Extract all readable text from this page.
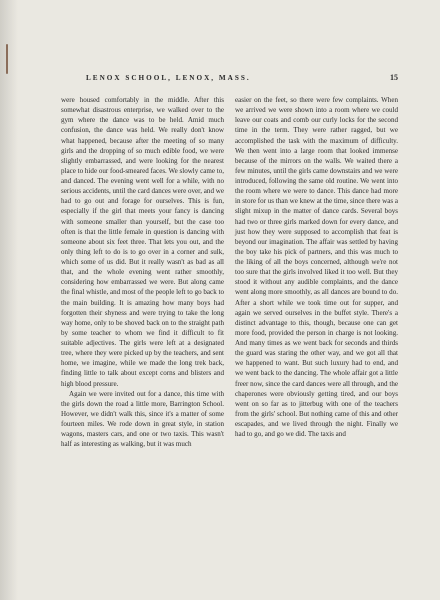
LENOX SCHOOL, LENOX, MASS.	15

were housed comfortably in the middle. After this somewhat disastrous enterprise, we walked over to the gym where the dance was to be held. Amid much confusion, the dance was held. We really don't know what happened, because after the meeting of so many girls and the dropping of so much edible food, we were slightly embarrassed, and were looking for the nearest place to hide our food-smeared faces. We slowly came to, and danced. The evening went well for a while, with no serious accidents, until the card dances were over, and we had to go out and forage for ourselves. This is fun, especially if the girl that meets your fancy is dancing with someone smaller than yourself, but the case too often is that the little female in question is dancing with someone about six feet three. That lets you out, and the only thing left to do is to go over in a corner and sulk, which some of us did. But it really wasn't as bad as all that, and the whole evening went rather smoothly, considering how embarrassed we were. But along came the final whistle, and most of the people left to go back to the main building. It is amazing how many boys had forgotten their shyness and were trying to take the long way home, only to be shoved back on to the straight path by some teacher to whom we find it difficult to fit suitable adjectives. The girls were left at a designated tree, where they were picked up by the teachers, and sent home, we imagine, while we made the long trek back, finding little to talk about except corns and blisters and high blood pressure.

Again we were invited out for a dance, this time with the girls down the road a little more, Barrington School. However, we didn't walk this, since it's a matter of some fourteen miles. We rode down in great style, in station wagons, masters cars, and one or two taxis. This wasn't half as interesting as walking, but it was much

easier on the feet, so there were few complaints. When we arrived we were shown into a room where we could leave our coats and comb our curly locks for the second time in the term. They were rather ragged, but we accomplished the task with the maximum of difficulty. We then went into a large room that looked immense because of the mirrors on the walls. We waited there a few minutes, until the girls came downstairs and we were introduced, following the same old routine. We went into the room where we were to dance. This dance had more in store for us than we knew at the time, since there was a slight mixup in the matter of dance cards. Several boys had two or three girls marked down for every dance, and just how they were supposed to accomplish that feat is beyond our imagination. The affair was settled by having the boy take his pick of partners, and this was much to the liking of all the boys concerned, although we're not too sure that the girls involved liked it too well. But they stood it without any audible complaints, and the dance went along more smoothly, as all dances are bound to do. After a short while we took time out for supper, and again we served ourselves in the buffet style. There's a distinct advantage to this, though, because one can get more food, provided the person in charge is not looking. And many times as we went back for seconds and thirds the guard was staring the other way, and we got all that we happened to want. But such luxury had to end, and we went back to the dancing. The whole affair got a little freer now, since the card dances were all through, and the chaperones were obviously getting tired, and our boys went on so far as to jitterbug with one of the teachers from the girls' school. But nothing came of this and other escapades, and we lived through the night. Finally we had to go, and go we did. The taxis and
